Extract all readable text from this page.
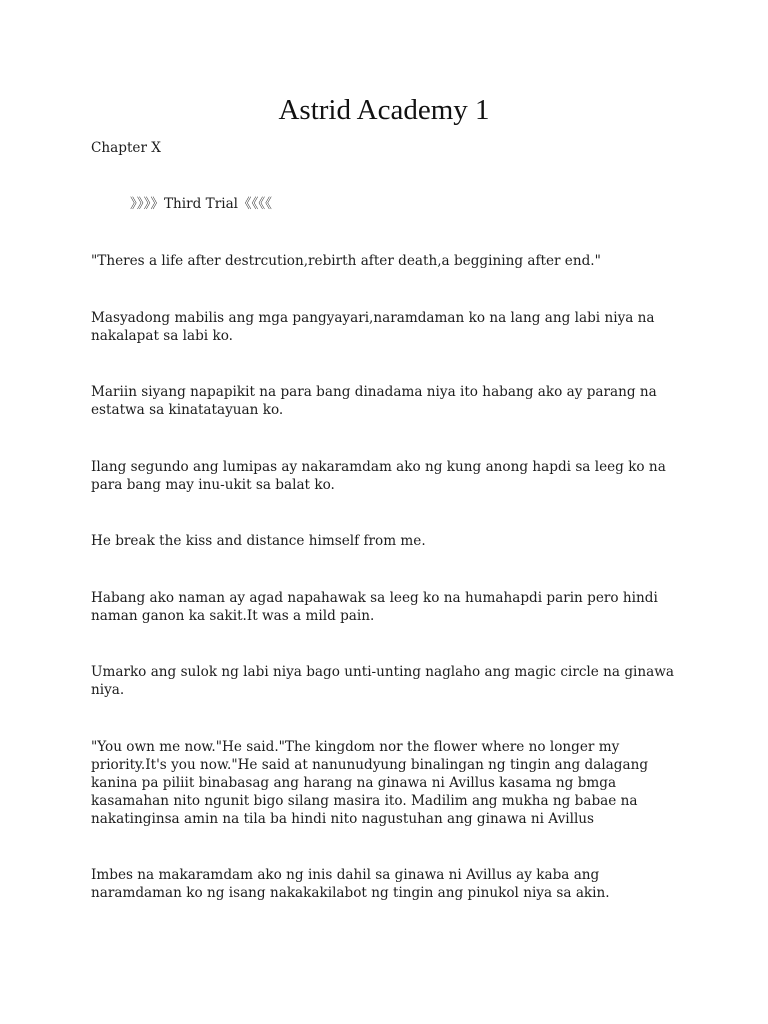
Astrid Academy 1

Chapter X

》》》》Third Trial《《《《

"Theres a life after destrcution,rebirth after death,a beggining after end."

Masyadong mabilis ang mga pangyayari,naramdaman ko na lang ang labi niya na nakalapat sa labi ko.

Mariin siyang napapikit na para bang dinadama niya ito habang ako ay parang na estatwa sa kinatatayuan ko.

Ilang segundo ang lumipas ay nakaramdam ako ng kung anong hapdi sa leeg ko na para bang may inu-ukit sa balat ko.

He break the kiss and distance himself from me.

Habang ako naman ay agad napahawak sa leeg ko na humahapdi parin pero hindi naman ganon ka sakit.It was a mild pain.

Umarko ang sulok ng labi niya bago unti-unting naglaho ang magic circle na ginawa niya.

"You own me now."He said."The kingdom nor the flower where no longer my priority.It's you now."He said at nanunudyung binalingan ng tingin ang dalagang kanina pa piliit binabasag ang harang na ginawa ni Avillus kasama ng bmga kasamahan nito ngunit bigo silang masira ito. Madilim ang mukha ng babae na nakatinginsa amin na tila ba hindi nito nagustuhan ang ginawa ni Avillus

Imbes na makaramdam ako ng inis dahil sa ginawa ni Avillus ay kaba ang naramdaman ko ng isang nakakakilabot ng tingin ang pinukol niya sa akin.
